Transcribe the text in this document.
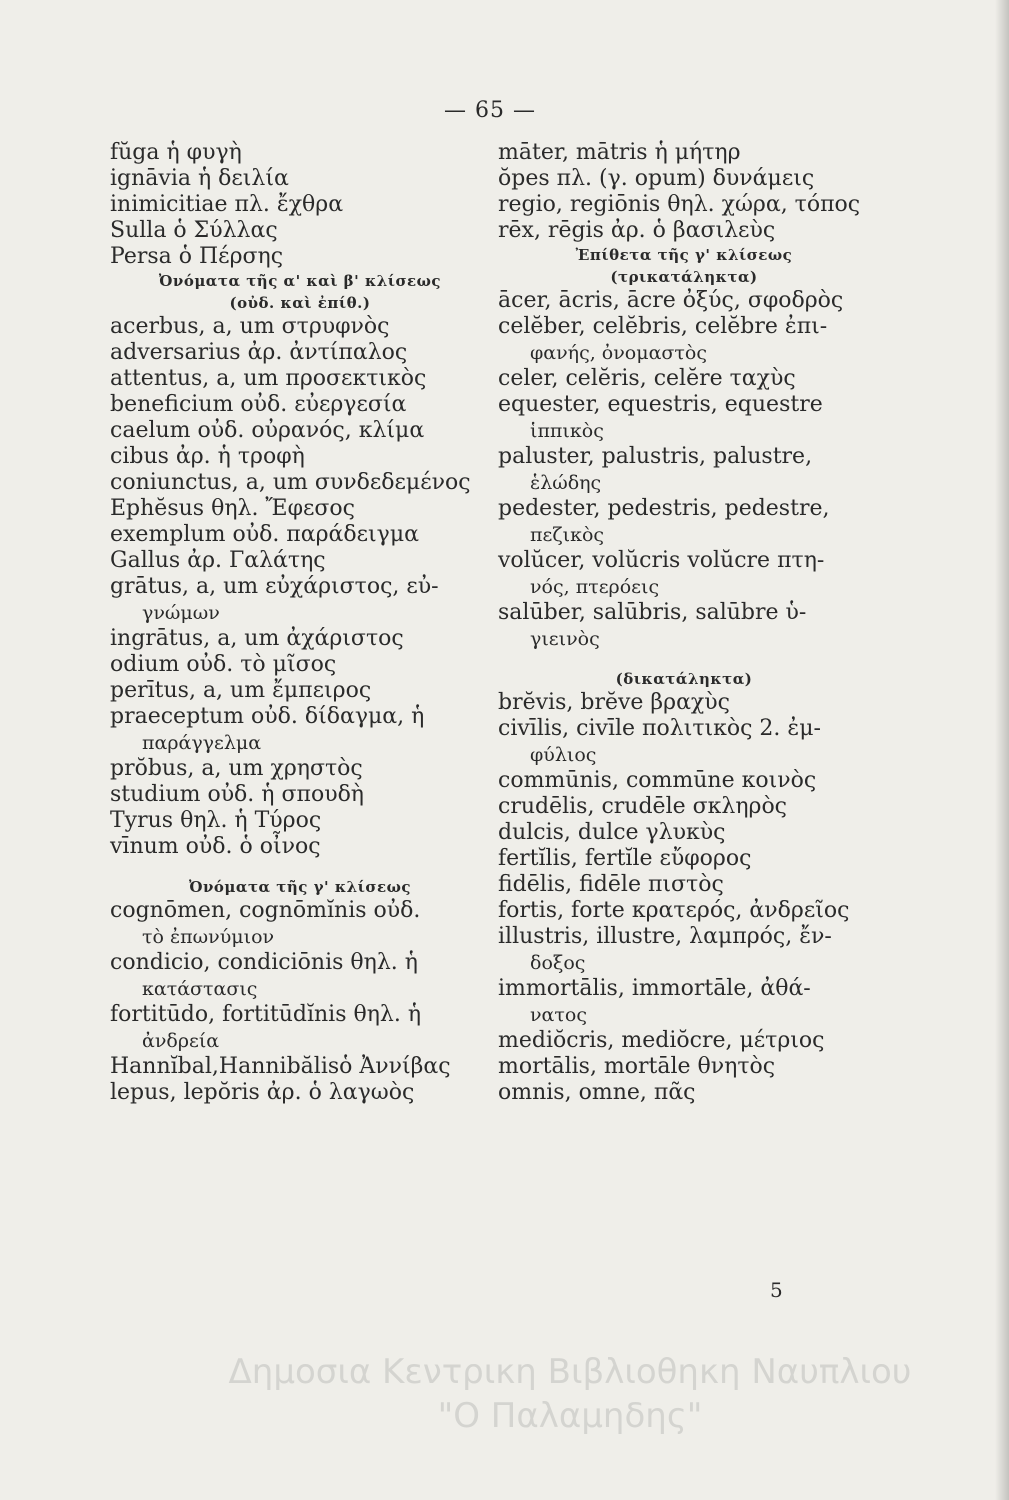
— 65 —
fŭga ἡ φυγὴ
ignāvia ἡ δειλία
inimicitiae πλ. ἔχθρα
Sulla ὁ Σύλλας
Persa ὁ Πέρσης
Ὀνόματα τῆς α' καὶ β' κλίσεως
(οὐδ. καὶ ἐπίθ.)
acerbus, a, um στρυφνὸς
adversarius ἀρ. ἀντίπαλος
attentus, a, um προσεκτικὸς
beneficium οὐδ. εὐεργεσία
caelum οὐδ. οὐρανός, κλίμα
cibus ἀρ. ἡ τροφὴ
coniunctus, a, um συνδεδεμένος
Ephĕsus θηλ. Ἔφεσος
exemplum οὐδ. παράδειγμα
Gallus ἀρ. Γαλάτης
grātus, a, um εὐχάριστος, εὐ-
γνώμων
ingrātus, a, um ἀχάριστος
odium οὐδ. τὸ μῖσος
perītus, a, um ἔμπειρος
praeceptum οὐδ. δίδαγμα, ἡ
παράγγελμα
prŏbus, a, um χρηστὸς
studium οὐδ. ἡ σπουδὴ
Tyrus θηλ. ἡ Τύρος
vīnum οὐδ. ὁ οἶνος
Ὀνόματα τῆς γ' κλίσεως
cognōmen, cognōmĭnis οὐδ.
τὸ ἐπωνύμιον
condicio, condiciōnis θηλ. ἡ
κατάστασις
fortitūdo, fortitūdĭnis θηλ. ἡ
ἀνδρεία
Hannĭbal,Hannibălisὁ Ἀννίβας
lepus, lepŏris ἀρ. ὁ λαγωὸς
māter, mātris ἡ μήτηρ
ŏpes πλ. (γ. opum) δυνάμεις
regio, regiōnis θηλ. χώρα, τόπος
rēx, rēgis ἀρ. ὁ βασιλεὺς
Ἐπίθετα τῆς γ' κλίσεως
(τρικατάληκτα)
ācer, ācris, ācre ὀξύς, σφοδρὸς
celĕber, celĕbris, celĕbre ἐπι-
φανής, ὀνομαστὸς
celer, celĕris, celĕre ταχὺς
equester, equestris, equestre
ἱππικὸς
paluster, palustris, palustre,
ἑλώδης
pedester, pedestris, pedestre,
πεζικὸς
volŭcer, volŭcris volŭcre πτη-
νός, πτερόεις
salūber, salūbris, salūbre ὑ-
γιεινὸς
(δικατάληκτα)
brĕvis, brĕve βραχὺς
civīlis, civīle πολιτικὸς 2. ἐμ-
φύλιος
commūnis, commūne κοινὸς
crudēlis, crudēle σκληρὸς
dulcis, dulce γλυκὺς
fertĭlis, fertĭle εὔφορος
fidēlis, fidēle πιστὸς
fortis, forte κρατερός, ἀνδρεῖος
illustris, illustre, λαμπρός, ἔν-
δοξος
immortālis, immortāle, ἀθά-
νατος
mediŏcris, mediŏcre, μέτριος
mortālis, mortāle θνητὸς
omnis, omne, πᾶς
5
Δημοσια Κεντρικη Βιβλιοθηκη Ναυπλιου
"Ο Παλαμηδης"
